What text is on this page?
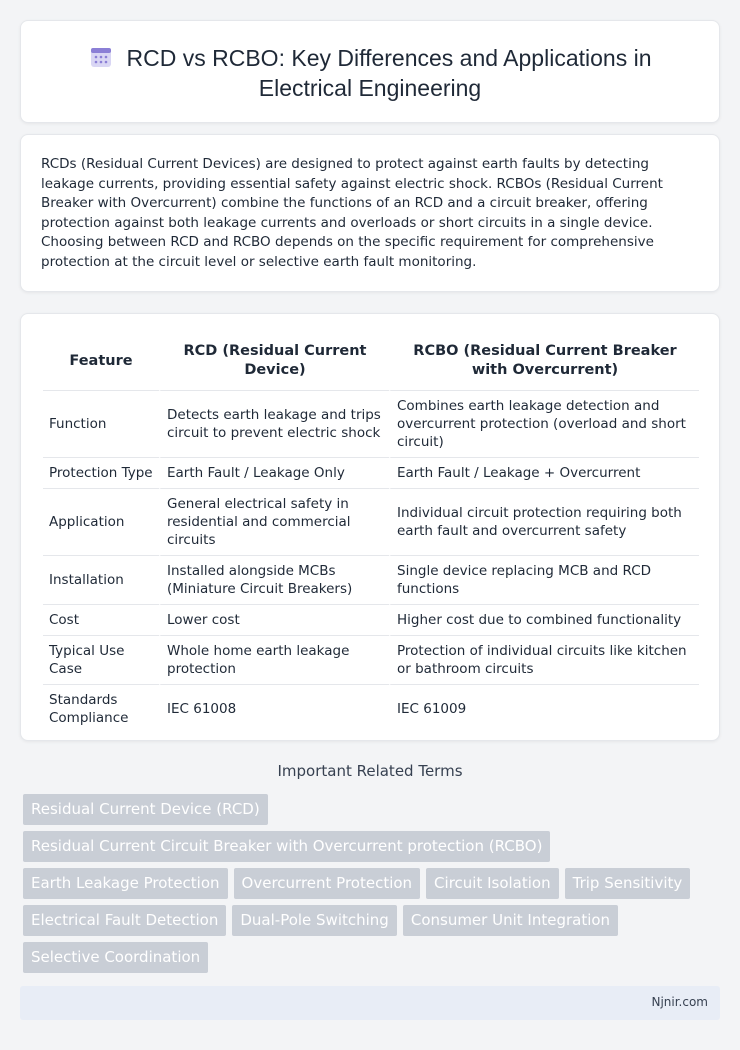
RCD vs RCBO: Key Differences and Applications in Electrical Engineering

RCDs (Residual Current Devices) are designed to protect against earth faults by detecting leakage currents, providing essential safety against electric shock. RCBOs (Residual Current Breaker with Overcurrent) combine the functions of an RCD and a circuit breaker, offering protection against both leakage currents and overloads or short circuits in a single device. Choosing between RCD and RCBO depends on the specific requirement for comprehensive protection at the circuit level or selective earth fault monitoring.

Feature	RCD (Residual Current Device)	RCBO (Residual Current Breaker with Overcurrent)
Function	Detects earth leakage and trips circuit to prevent electric shock	Combines earth leakage detection and overcurrent protection (overload and short circuit)
Protection Type	Earth Fault / Leakage Only	Earth Fault / Leakage + Overcurrent
Application	General electrical safety in residential and commercial circuits	Individual circuit protection requiring both earth fault and overcurrent safety
Installation	Installed alongside MCBs (Miniature Circuit Breakers)	Single device replacing MCB and RCD functions
Cost	Lower cost	Higher cost due to combined functionality
Typical Use Case	Whole home earth leakage protection	Protection of individual circuits like kitchen or bathroom circuits
Standards Compliance	IEC 61008	IEC 61009
Important Related Terms
Residual Current Device (RCD)
Residual Current Circuit Breaker with Overcurrent protection (RCBO)
Earth Leakage Protection	Overcurrent Protection	Circuit Isolation	Trip Sensitivity
Electrical Fault Detection	Dual-Pole Switching	Consumer Unit Integration
Selective Coordination
Njnir.com
